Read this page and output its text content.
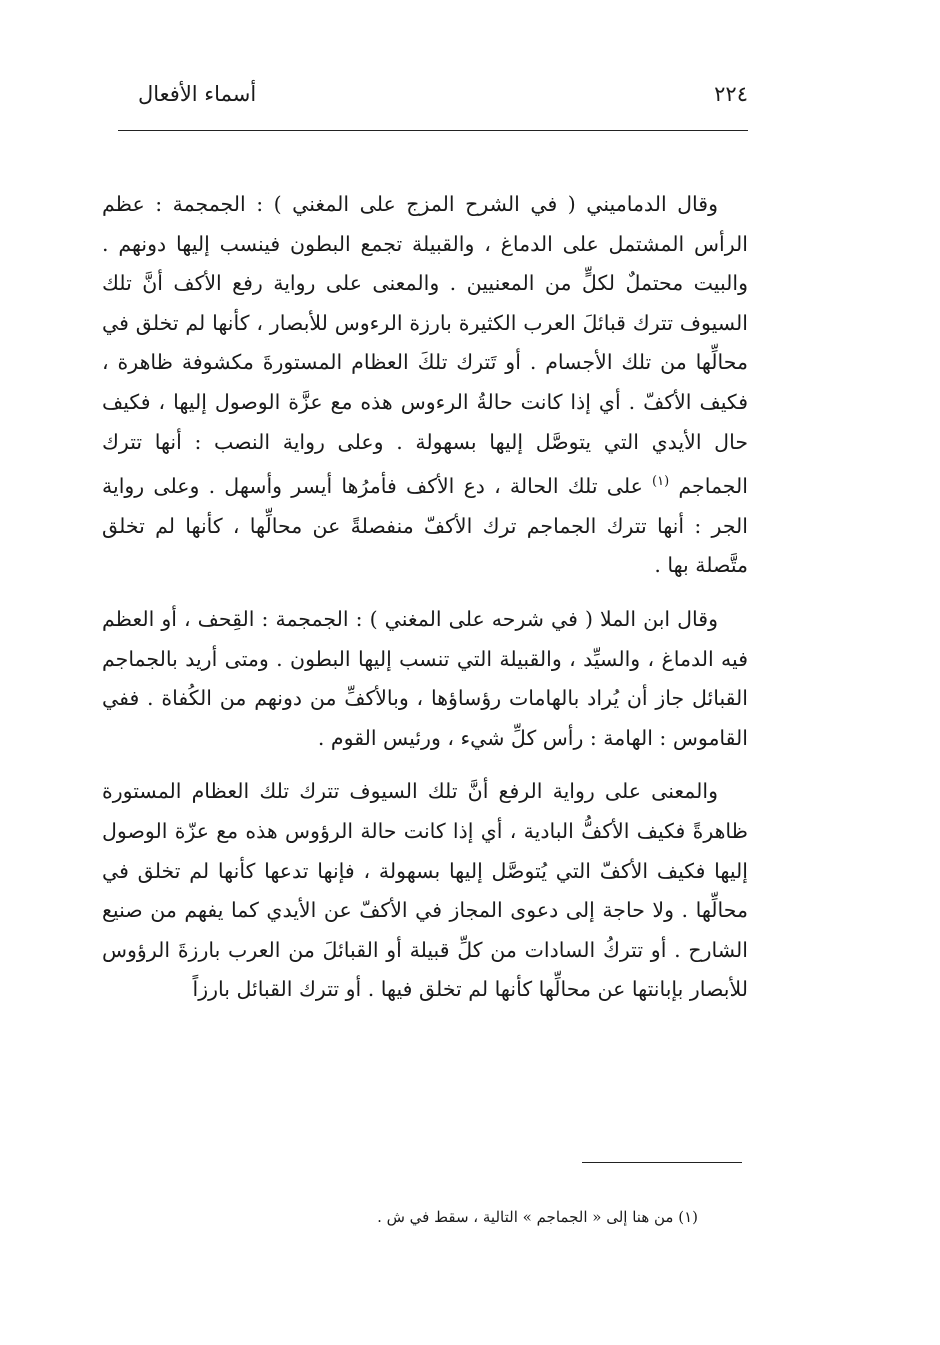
٢٢٤
أسماء الأفعال

وقال الدماميني ( في الشرح المزج على المغني ) : الجمجمة : عظم الرأس المشتمل على الدماغ ، والقبيلة تجمع البطون فينسب إليها دونهم . والبيت محتملٌ لكلٍّ من المعنيين . والمعنى على رواية رفع الأكف أنَّ تلك السيوف تترك قبائلَ العرب الكثيرة بارزة الرءوس للأبصار ، كأنها لم تخلق في محالِّها من تلك الأجسام . أو تَترك تلكَ العظام المستورةَ مكشوفة ظاهرة ، فكيف الأكفّ . أي إذا كانت حالةُ الرءوس هذه مع عزَّة الوصول إليها ، فكيف حال الأيدي التي يتوصَّل إليها بسهولة . وعلى رواية النصب : أنها تترك الجماجم $^{(١)}$ على تلك الحالة ، دع الأكف فأمرُها أيسر وأسهل . وعلى رواية الجر : أنها تترك الجماجم ترك الأكفّ منفصلةً عن محالِّها ، كأنها لم تخلق متَّصلة بها .

وقال ابن الملا ( في شرحه على المغني ) : الجمجمة : القِحف ، أو العظم فيه الدماغ ، والسيِّد ، والقبيلة التي تنسب إليها البطون . ومتى أريد بالجماجم القبائل جاز أن يُراد بالهامات رؤساؤها ، وبالأكفِّ من دونهم من الكُفاة . ففي القاموس : الهامة : رأس كلِّ شيء ، ورئيس القوم .

والمعنى على رواية الرفع أنَّ تلك السيوف تترك تلك العظام المستورة ظاهرةً فكيف الأكفُّ البادية ، أي إذا كانت حالة الرؤوس هذه مع عزّة الوصول إليها فكيف الأكفّ التي يُتوصَّل إليها بسهولة ، فإنها تدعها كأنها لم تخلق في محالِّها . ولا حاجة إلى دعوى المجاز في الأكفّ عن الأيدي كما يفهم من صنيع الشارح . أو تتركُ السادات من كلِّ قبيلة أو القبائلَ من العرب بارزةَ الرؤوس للأبصار بإبانتها عن محالِّها كأنها لم تخلق فيها . أو تترك القبائل بارزاً

(١) من هنا إلى « الجماجم » التالية ، سقط في ش .
